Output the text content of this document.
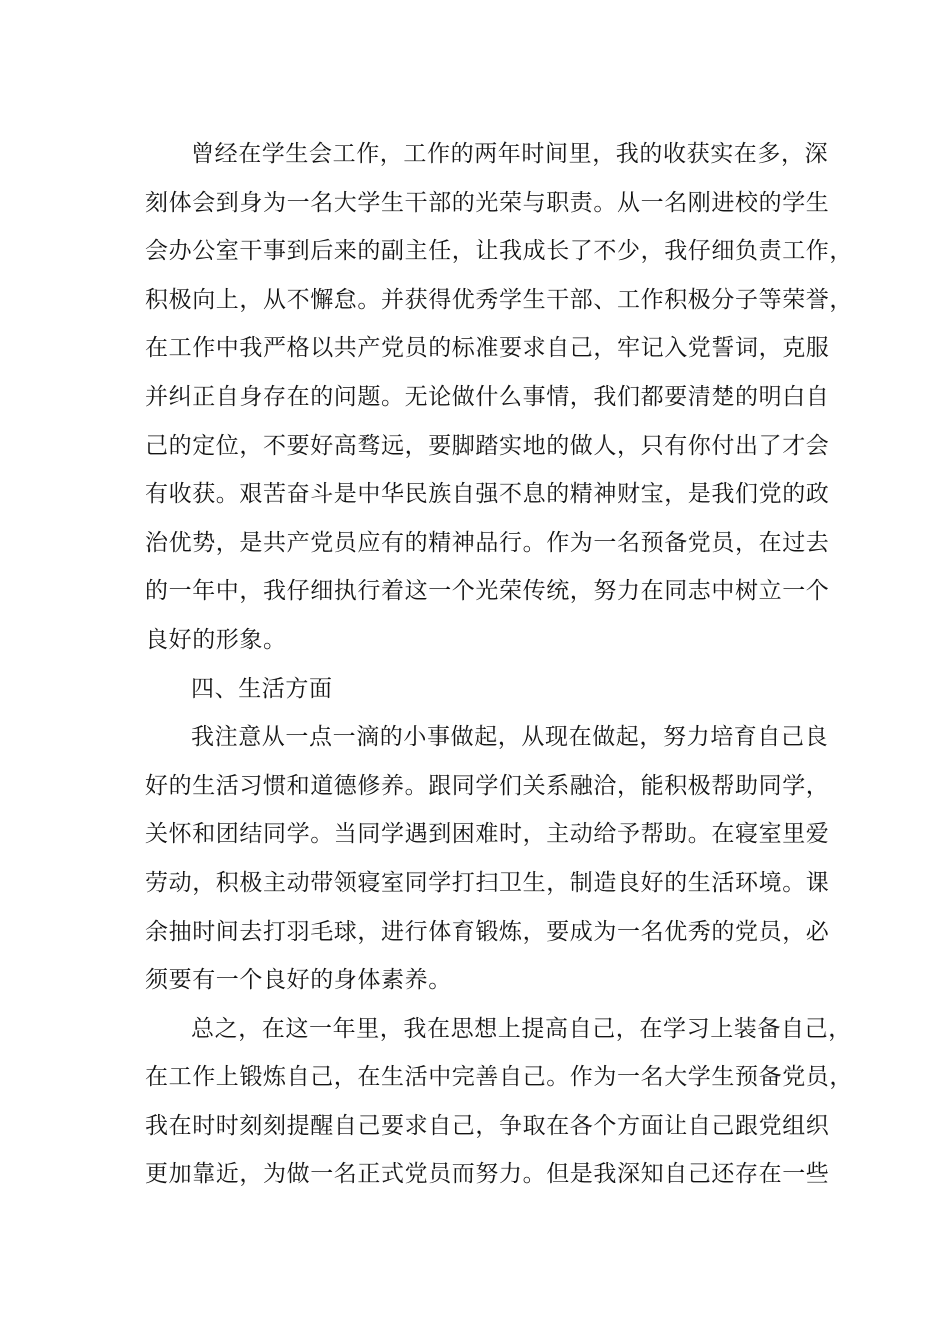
曾经在学生会工作，工作的两年时间里，我的收获实在多，深
刻体会到身为一名大学生干部的光荣与职责。从一名刚进校的学生
会办公室干事到后来的副主任，让我成长了不少，我仔细负责工作，
积极向上，从不懈怠。并获得优秀学生干部、工作积极分子等荣誉，
在工作中我严格以共产党员的标准要求自己，牢记入党誓词，克服
并纠正自身存在的问题。无论做什么事情，我们都要清楚的明白自
己的定位，不要好高骛远，要脚踏实地的做人，只有你付出了才会
有收获。艰苦奋斗是中华民族自强不息的精神财宝，是我们党的政
治优势，是共产党员应有的精神品行。作为一名预备党员，在过去
的一年中，我仔细执行着这一个光荣传统，努力在同志中树立一个
良好的形象。
四、生活方面
我注意从一点一滴的小事做起，从现在做起，努力培育自己良
好的生活习惯和道德修养。跟同学们关系融洽，能积极帮助同学，
关怀和团结同学。当同学遇到困难时，主动给予帮助。在寝室里爱
劳动，积极主动带领寝室同学打扫卫生，制造良好的生活环境。课
余抽时间去打羽毛球，进行体育锻炼，要成为一名优秀的党员，必
须要有一个良好的身体素养。
总之，在这一年里，我在思想上提高自己，在学习上装备自己，
在工作上锻炼自己，在生活中完善自己。作为一名大学生预备党员，
我在时时刻刻提醒自己要求自己，争取在各个方面让自己跟党组织
更加靠近，为做一名正式党员而努力。但是我深知自己还存在一些
